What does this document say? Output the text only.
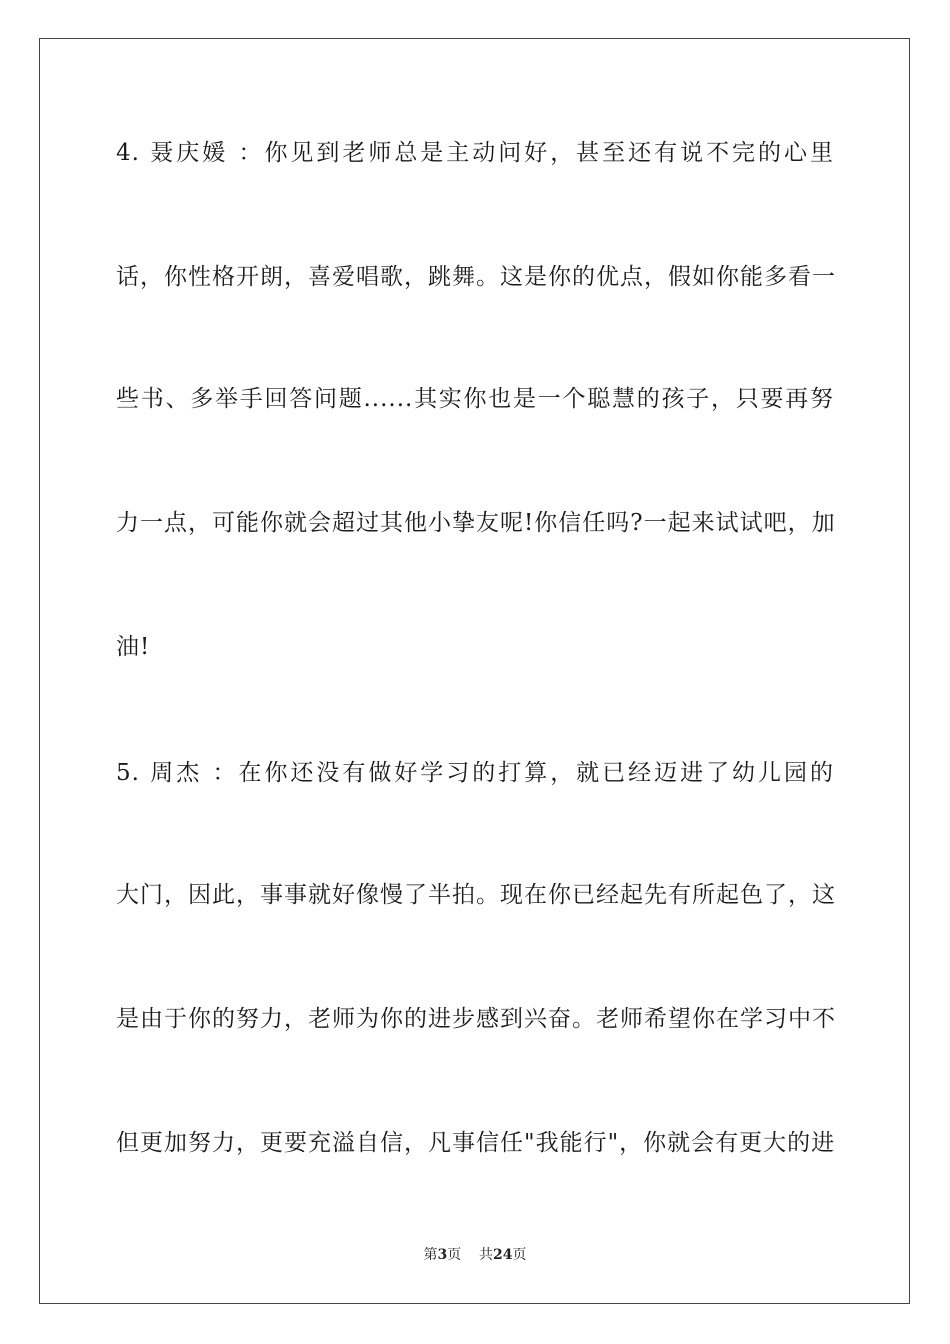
4. 聂庆媛 ：你见到老师总是主动问好，甚至还有说不完的心里
话，你性格开朗，喜爱唱歌，跳舞。这是你的优点，假如你能多看一
些书、多举手回答问题......其实你也是一个聪慧的孩子，只要再努
力一点，可能你就会超过其他小挚友呢!你信任吗?一起来试试吧，加
油!
5. 周杰 ：在你还没有做好学习的打算，就已经迈进了幼儿园的
大门，因此，事事就好像慢了半拍。现在你已经起先有所起色了，这
是由于你的努力，老师为你的进步感到兴奋。老师希望你在学习中不
但更加努力，更要充溢自信，凡事信任"我能行"，你就会有更大的进
第3页 共24页
